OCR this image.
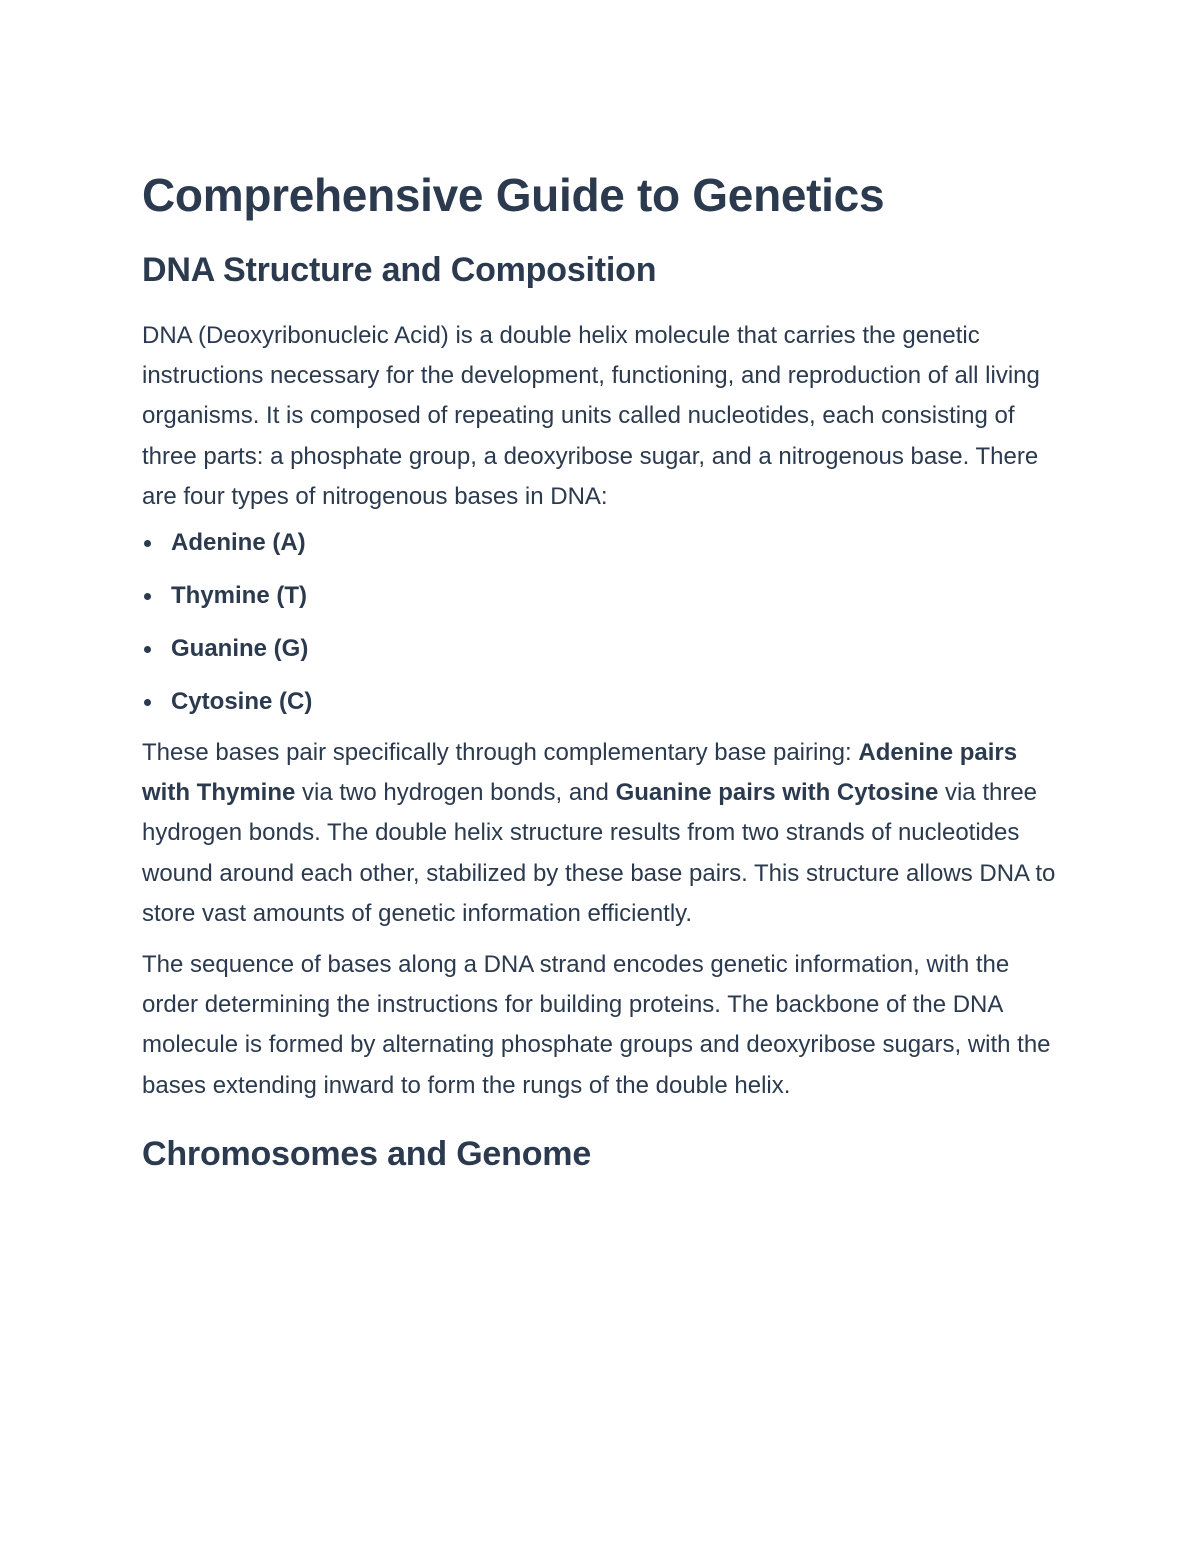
Comprehensive Guide to Genetics
DNA Structure and Composition

DNA (Deoxyribonucleic Acid) is a double helix molecule that carries the genetic instructions necessary for the development, functioning, and reproduction of all living organisms. It is composed of repeating units called nucleotides, each consisting of three parts: a phosphate group, a deoxyribose sugar, and a nitrogenous base. There are four types of nitrogenous bases in DNA:

Adenine (A)
Thymine (T)
Guanine (G)
Cytosine (C)

These bases pair specifically through complementary base pairing: Adenine pairs with Thymine via two hydrogen bonds, and Guanine pairs with Cytosine via three hydrogen bonds. The double helix structure results from two strands of nucleotides wound around each other, stabilized by these base pairs. This structure allows DNA to store vast amounts of genetic information efficiently.

The sequence of bases along a DNA strand encodes genetic information, with the order determining the instructions for building proteins. The backbone of the DNA molecule is formed by alternating phosphate groups and deoxyribose sugars, with the bases extending inward to form the rungs of the double helix.

Chromosomes and Genome
